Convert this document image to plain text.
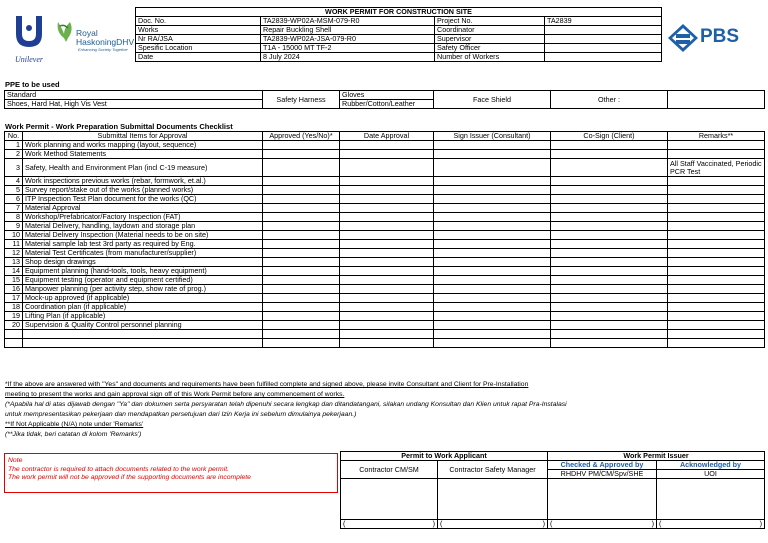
Unilever
Royal
HaskoningDHV
Enhancing Society Together
PBS
WORK PERMIT FOR CONSTRUCTION SITE			
Doc. No.	TA2839-WP02A-MSM-079-R0	Project No.	TA2839
Works	Repair Buckling Shell	Coordinator	
Nr RA/JSA	TA2839-WP02A-JSA-079-R0	Supervisor	
Spesific Location	T1A - 15000 MT TF-2	Safety Officer	
Date	8 July 2024	Number of Workers	
PPE to be used
Standard	Safety Harness	Gloves	Face Shield	Other :	
Shoes, Hard Hat, High Vis Vest		Rubber/Cotton/Leather			
Work Permit - Work Preparation Submittal Documents Checklist
No.	Submittal Items for Approval	Approved (Yes/No)*	Date Approval	Sign Issuer (Consultant)	Co-Sign (Client)	Remarks**
1	Work planning and works mapping (layout, sequence)					
2	Work Method Statements					
3	Safety, Health and Environment Plan (incl C-19 measure)					All Staff Vaccinated, Periodic PCR Test
4	Work inspections previous works (rebar, formwork, et.al.)					
5	Survey report/stake out of the works (planned works)					
6	ITP Inspection Test Plan document for the works (QC)					
7	Material Approval					
8	Workshop/Prefabricator/Factory Inspection (FAT)					
9	Material Delivery, handling, laydown and storage plan					
10	Material Delivery Inspection (Material needs to be on site)					
11	Material sample lab test 3rd party as required by Eng.					
12	Material Test Certificates (from manufacturer/supplier)					
13	Shop design drawings					
14	Equipment planning (hand-tools, tools, heavy equipment)					
15	Equipment testing (operator and equipment certified)					
16	Manpower planning (per activity step, show rate of prog.)					
17	Mock-up approved (if applicable)					
18	Coordination plan (if applicable)					
19	Lifting Plan (if applicable)					
20	Supervision & Quality Control personnel planning					

*If the above are answered with "Yes" and documents and requirements have been fulfilled complete and signed above, please invite Consultant and Client for Pre-Installation
meeting to present the works and gain approval sign off of this Work Permit before any commencement of works.
(*Apabila hal di atas dijawab dengan "Ya" dan dokumen serta persyaratan telah dipenuhi secara lengkap dan ditandatangani, silakan undang Konsultan dan Klien untuk rapat Pra-Instalasi
untuk mempresentasikan pekerjaan dan mendapatkan persetujuan dari Izin Kerja ini sebelum dimulainya pekerjaan.)
**If Not Applicable (N/A) note under 'Remarks'
(**Jika tidak, beri catatan di kolom 'Remarks')
Note
The contractor is required to attach documents related to the work permit.
The work permit will not be approved if the supporting documents are incomplete
Permit to Work Applicant		Work Permit Issuer	
Contractor CM/SM	Contractor Safety Manager	Checked & Approved by	Acknowledged by
		RHDHV PM/CM/Spv/SHE	UOI

( )	( )	( )	( )
